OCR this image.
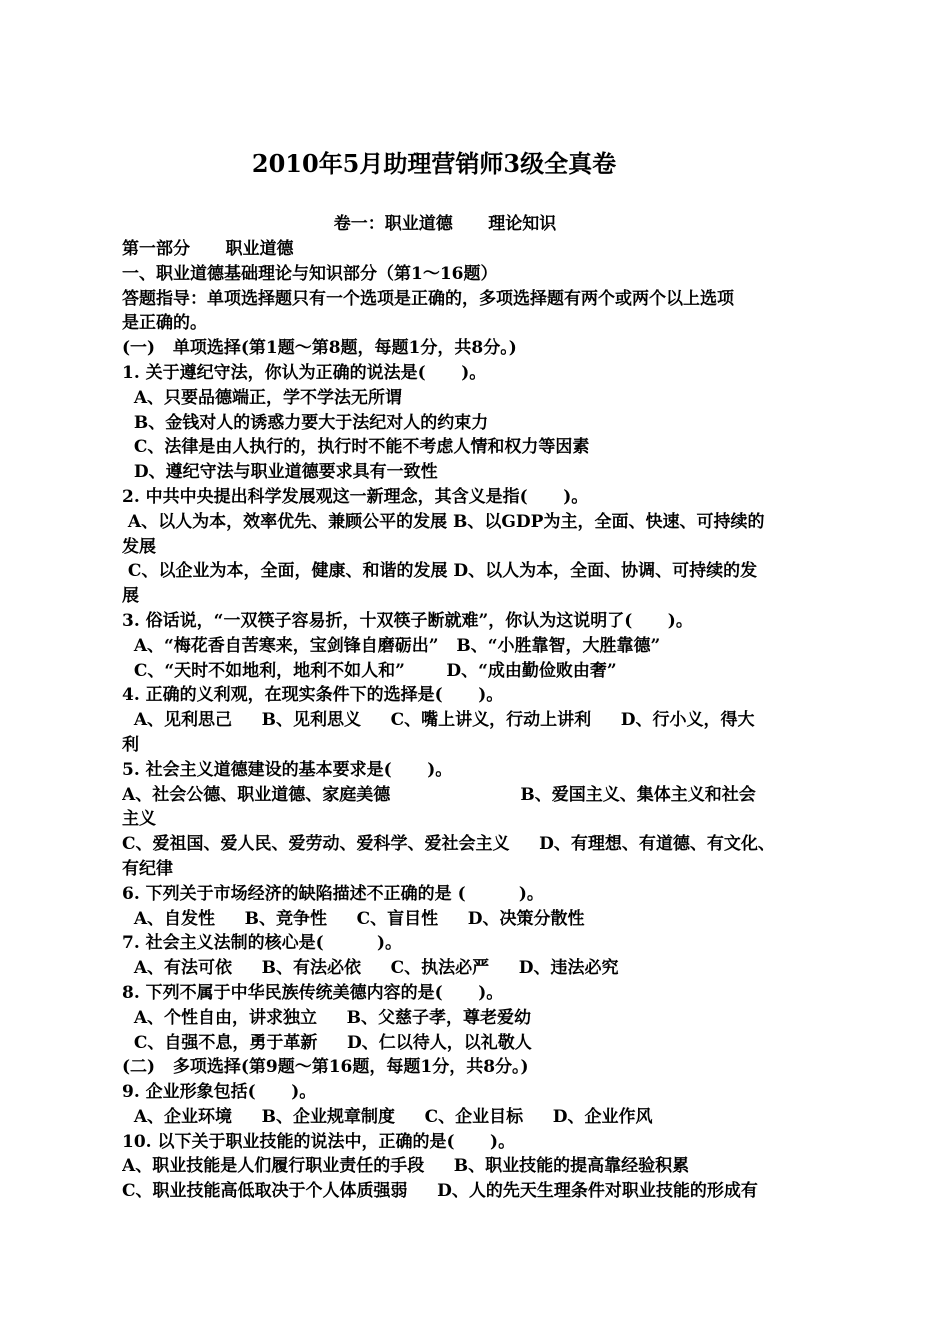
2010年5月助理营销师3级全真卷
卷一：职业道德      理论知识
第一部分      职业道德
一、职业道德基础理论与知识部分（第1～16题）
答题指导：单项选择题只有一个选项是正确的，多项选择题有两个或两个以上选项
是正确的。
(一)   单项选择(第1题～第8题，每题1分，共8分。)
1. 关于遵纪守法，你认为正确的说法是(      )。
A、只要品德端正，学不学法无所谓
B、金钱对人的诱惑力要大于法纪对人的约束力
C、法律是由人执行的，执行时不能不考虑人情和权力等因素
D、遵纪守法与职业道德要求具有一致性
2. 中共中央提出科学发展观这一新理念，其含义是指(      )。
A、以人为本，效率优先、兼顾公平的发展 B、以GDP为主，全面、快速、可持续的
发展
C、以企业为本，全面，健康、和谐的发展 D、以人为本，全面、协调、可持续的发
展
3. 俗话说，“一双筷子容易折，十双筷子断就难”，你认为这说明了(      )。
A、“梅花香自苦寒来，宝剑锋自磨砺出”   B、“小胜靠智，大胜靠德”
C、“天时不如地利，地利不如人和”       D、“成由勤俭败由奢”
4. 正确的义利观，在现实条件下的选择是(      )。
A、见利思己     B、见利思义     C、嘴上讲义，行动上讲利     D、行小义，得大
利
5. 社会主义道德建设的基本要求是(      )。
A、社会公德、职业道德、家庭美德                      B、爱国主义、集体主义和社会
主义
C、爱祖国、爱人民、爱劳动、爱科学、爱社会主义     D、有理想、有道德、有文化、
有纪律
6. 下列关于市场经济的缺陷描述不正确的是 (         )。
A、自发性     B、竞争性     C、盲目性     D、决策分散性
7. 社会主义法制的核心是(         )。
A、有法可依     B、有法必依     C、执法必严     D、违法必究
8. 下列不属于中华民族传统美德内容的是(      )。
A、个性自由，讲求独立     B、父慈子孝，尊老爱幼
C、自强不息，勇于革新     D、仁以待人，以礼敬人
(二)   多项选择(第9题～第16题，每题1分，共8分。)
9. 企业形象包括(      )。
A、企业环境     B、企业规章制度     C、企业目标     D、企业作风
10. 以下关于职业技能的说法中，正确的是(      )。
A、职业技能是人们履行职业责任的手段     B、职业技能的提高靠经验积累
C、职业技能高低取决于个人体质强弱     D、人的先天生理条件对职业技能的形成有
